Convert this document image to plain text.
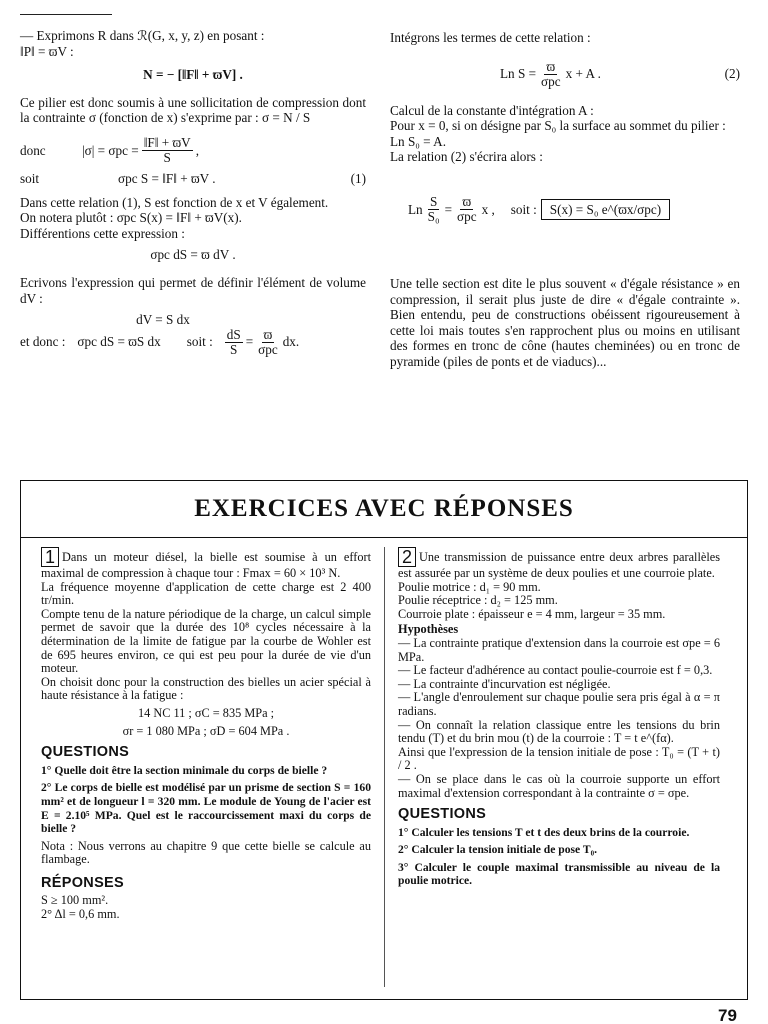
— Exprimons R dans ℛ(G, x, y, z) en posant :

‖P‖ = ϖV :

N = − [‖F‖ + ϖV] .

Ce pilier est donc soumis à une sollicitation de compression dont la contrainte σ (fonction de x) s'exprime par : σ = N / S

donc	$|\sigma| = \sigma pc = \frac{‖F‖ + ϖV}{S}$ ,
soit	σpc S = ‖F‖ + ϖV .	(1)

Dans cette relation (1), S est fonction de x et V également.

On notera plutôt : σpc S(x) = ‖F‖ + ϖV(x).

Différentions cette expression :

σpc dS = ϖ dV .

Ecrivons l'expression qui permet de définir l'élément de volume dV :

dV = S dx

et donc : σpc dS = ϖS dx soit : $\frac{dS}{S} = \frac{ϖ}{\text{σpc}}$ dx.

Intégrons les termes de cette relation :

Ln $S = \frac{ϖ}{\text{σpc}}$ x + A .	(2)

Calcul de la constante d'intégration A :

Pour x = 0, si on désigne par S₀ la surface au sommet du pilier : Ln S₀ = A.

La relation (2) s'écrira alors :

Ln $\frac{S}{\text{S₀}} = \frac{ϖ}{\text{σpc}}$ x , soit : S(x) = S₀ e^(ϖx/σpc)

Une telle section est dite le plus souvent « d'égale résistance » en compression, il serait plus juste de dire « d'égale contrainte ». Bien entendu, peu de constructions obéissent rigoureusement à cette loi mais toutes s'en rapprochent plus ou moins en utilisant des formes en tronc de cône (hautes cheminées) ou en tronc de pyramide (piles de ponts et de viaducs)...

EXERCICES AVEC RÉPONSES

1 Dans un moteur diésel, la bielle est soumise à un effort maximal de compression à chaque tour : Fmax = 60 × 10³ N.

La fréquence moyenne d'application de cette charge est 2 400 tr/min.

Compte tenu de la nature périodique de la charge, un calcul simple permet de savoir que la durée des 10⁸ cycles nécessaire à la détermination de la limite de fatigue par la courbe de Wohler est de 695 heures environ, ce qui est peu pour la durée de vie d'un moteur.

On choisit donc pour la construction des bielles un acier spécial à haute résistance à la fatigue :

14 NC 11 ; σC = 835 MPa ;

σr = 1 080 MPa ; σD = 604 MPa .

QUESTIONS

1° Quelle doit être la section minimale du corps de bielle ?

2° Le corps de bielle est modélisé par un prisme de section S = 160 mm² et de longueur l = 320 mm. Le module de Young de l'acier est E = 2.10⁵ MPa. Quel est le raccourcissement maxi du corps de bielle ?

Nota : Nous verrons au chapitre 9 que cette bielle se calcule au flambage.

RÉPONSES

S ≥ 100 mm².

2° Δl = 0,6 mm.

2 Une transmission de puissance entre deux arbres parallèles est assurée par un système de deux poulies et une courroie plate.

Poulie motrice : d₁ = 90 mm.

Poulie réceptrice : d₂ = 125 mm.

Courroie plate : épaisseur e = 4 mm, largeur = 35 mm.

Hypothèses

— La contrainte pratique d'extension dans la courroie est σpe = 6 MPa.

— Le facteur d'adhérence au contact poulie-courroie est f = 0,3.

— La contrainte d'incurvation est négligée.

— L'angle d'enroulement sur chaque poulie sera pris égal à α = π radians.

— On connaît la relation classique entre les tensions du brin tendu (T) et du brin mou (t) de la courroie : T = t e^(fα).

Ainsi que l'expression de la tension initiale de pose : T₀ = (T + t) / 2 .

— On se place dans le cas où la courroie supporte un effort maximal d'extension correspondant à la contrainte σ = σpe.

QUESTIONS

1° Calculer les tensions T et t des deux brins de la courroie.

2° Calculer la tension initiale de pose T₀.

3° Calculer le couple maximal transmissible au niveau de la poulie motrice.

79
